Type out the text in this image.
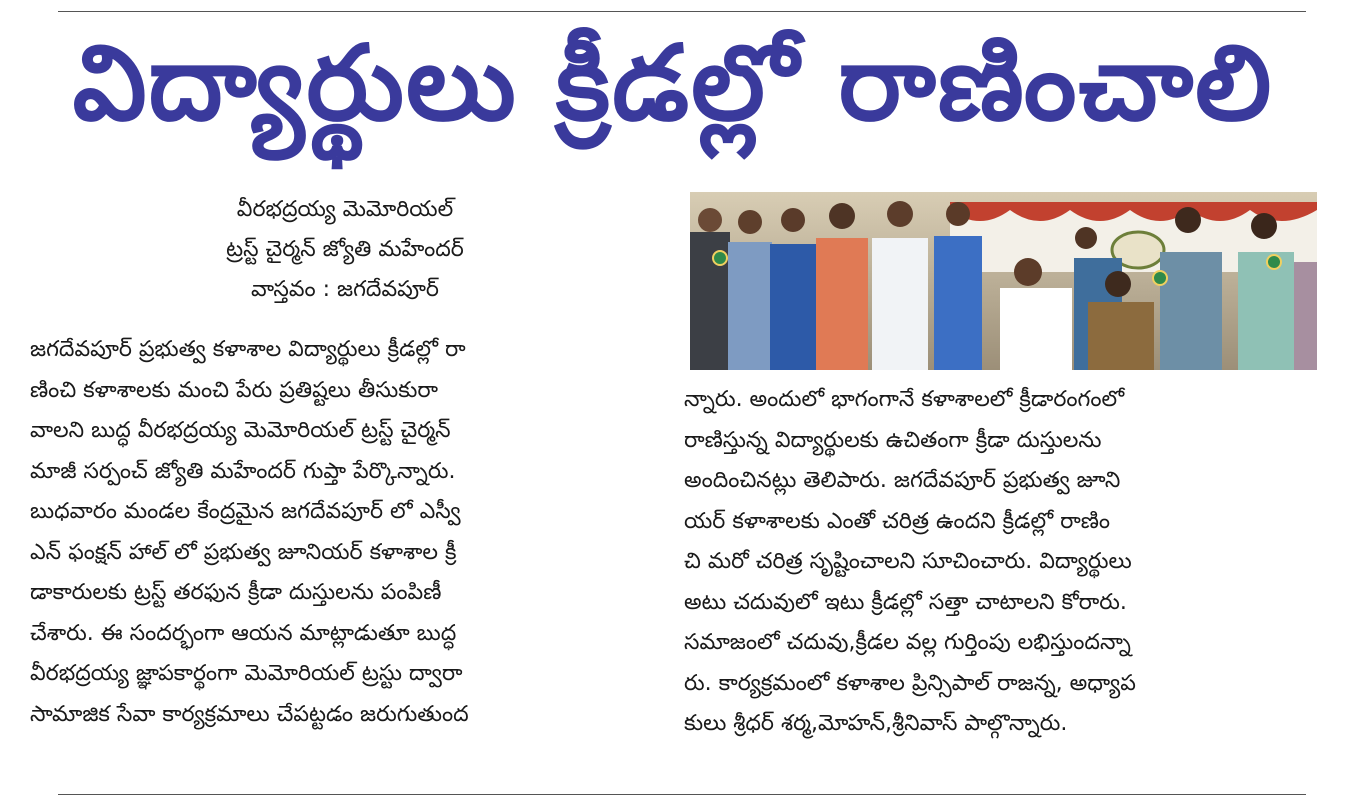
విద్యార్థులు క్రీడల్లో రాణించాలి
వీరభద్రయ్య మెమోరియల్
ట్రస్ట్ చైర్మన్ జ్యోతి మహేందర్
వాస్తవం : జగదేవపూర్
జగదేవపూర్ ప్రభుత్వ కళాశాల విద్యార్థులు క్రీడల్లో రా
ణించి కళాశాలకు మంచి పేరు ప్రతిష్టలు తీసుకురా
వాలని బుద్ధ వీరభద్రయ్య మెమోరియల్ ట్రస్ట్ చైర్మన్
మాజీ సర్పంచ్ జ్యోతి మహేందర్ గుప్తా పేర్కొన్నారు.
బుధవారం మండల కేంద్రమైన జగదేవపూర్ లో ఎస్వీ
ఎన్ ఫంక్షన్ హాల్ లో ప్రభుత్వ జూనియర్ కళాశాల క్రీ
డాకారులకు ట్రస్ట్ తరఫున క్రీడా దుస్తులను పంపిణీ
చేశారు. ఈ సందర్భంగా ఆయన మాట్లాడుతూ బుద్ధ
వీరభద్రయ్య జ్ఞాపకార్థంగా మెమోరియల్ ట్రస్టు ద్వారా
సామాజిక సేవా కార్యక్రమాలు చేపట్టడం జరుగుతుంద
న్నారు. అందులో భాగంగానే కళాశాలలో క్రీడారంగంలో
రాణిస్తున్న విద్యార్థులకు ఉచితంగా క్రీడా దుస్తులను
అందించినట్లు తెలిపారు. జగదేవపూర్ ప్రభుత్వ జూని
యర్ కళాశాలకు ఎంతో చరిత్ర ఉందని క్రీడల్లో రాణిం
చి మరో చరిత్ర సృష్టించాలని సూచించారు. విద్యార్థులు
అటు చదువులో ఇటు క్రీడల్లో సత్తా చాటాలని కోరారు.
సమాజంలో చదువు,క్రీడల వల్ల గుర్తింపు లభిస్తుందన్నా
రు. కార్యక్రమంలో కళాశాల ప్రిన్సిపాల్ రాజన్న, అధ్యాప
కులు శ్రీధర్ శర్మ,మోహన్,శ్రీనివాస్ పాల్గొన్నారు.
